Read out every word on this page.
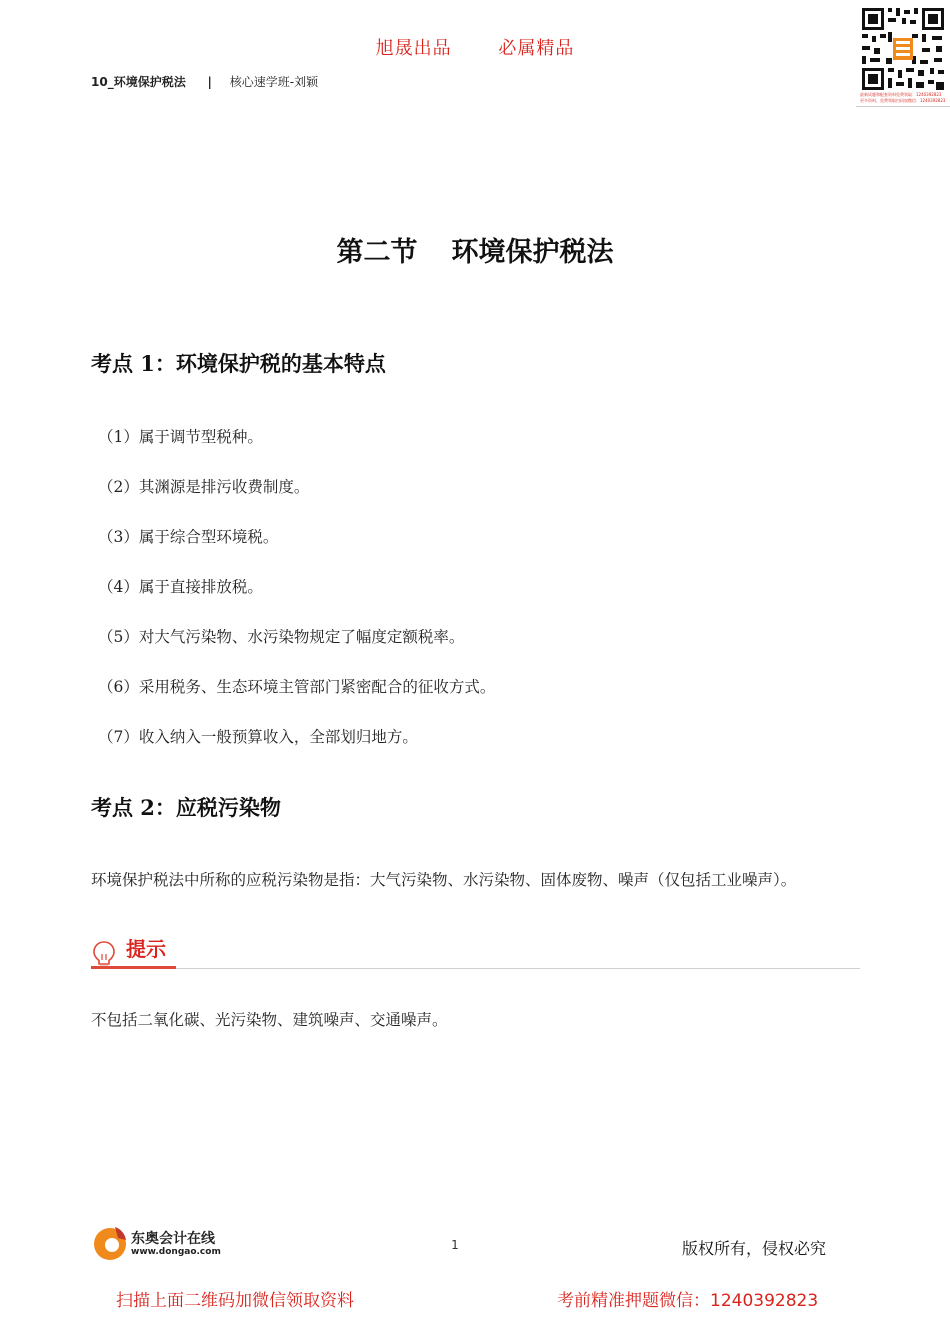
旭晟出品	必属精品
10_环境保护税法 | 核心速学班-刘颖
最新试题和配套资料免费领取：1240392823
更多资料，免费领取扫码加微信：1240392823
第二节 环境保护税法
考点 1：环境保护税的基本特点
（1）属于调节型税种。
（2）其渊源是排污收费制度。
（3）属于综合型环境税。
（4）属于直接排放税。
（5）对大气污染物、水污染物规定了幅度定额税率。
（6）采用税务、生态环境主管部门紧密配合的征收方式。
（7）收入纳入一般预算收入，全部划归地方。
考点 2：应税污染物
环境保护税法中所称的应税污染物是指：大气污染物、水污染物、固体废物、噪声（仅包括工业噪声）。
提示
不包括二氧化碳、光污染物、建筑噪声、交通噪声。
东奥会计在线
www.dongao.com	1	版权所有，侵权必究
扫描上面二维码加微信领取资料	考前精准押题微信：1240392823
